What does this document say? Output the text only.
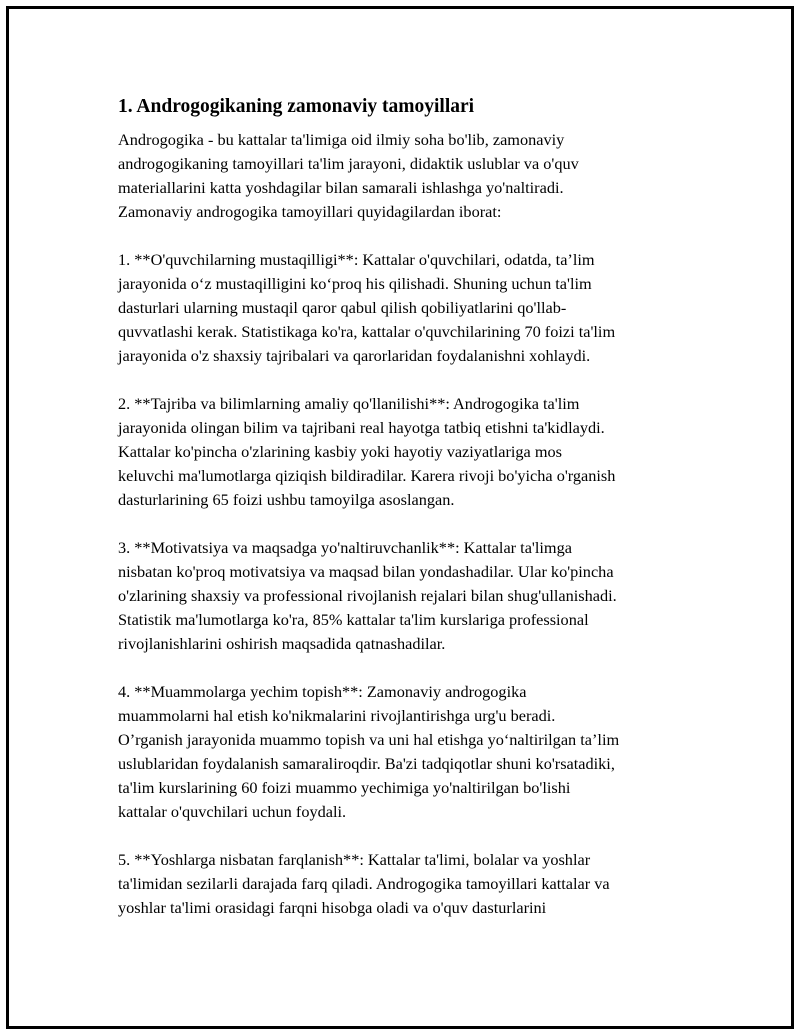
1. Androgogikaning zamonaviy tamoyillari

Androgogika - bu kattalar ta'limiga oid ilmiy soha bo'lib, zamonaviy
androgogikaning tamoyillari ta'lim jarayoni, didaktik uslublar va o'quv
materiallarini katta yoshdagilar bilan samarali ishlashga yo'naltiradi.
Zamonaviy androgogika tamoyillari quyidagilardan iborat:

1. **O'quvchilarning mustaqilligi**: Kattalar o'quvchilari, odatda, ta’lim
jarayonida o‘z mustaqilligini ko‘proq his qilishadi. Shuning uchun ta'lim
dasturlari ularning mustaqil qaror qabul qilish qobiliyatlarini qo'llab-
quvvatlashi kerak. Statistikaga ko'ra, kattalar o'quvchilarining 70 foizi ta'lim
jarayonida o'z shaxsiy tajribalari va qarorlaridan foydalanishni xohlaydi.

2. **Tajriba va bilimlarning amaliy qo'llanilishi**: Androgogika ta'lim
jarayonida olingan bilim va tajribani real hayotga tatbiq etishni ta'kidlaydi.
Kattalar ko'pincha o'zlarining kasbiy yoki hayotiy vaziyatlariga mos
keluvchi ma'lumotlarga qiziqish bildiradilar. Karera rivoji bo'yicha o'rganish
dasturlarining 65 foizi ushbu tamoyilga asoslangan.

3. **Motivatsiya va maqsadga yo'naltiruvchanlik**: Kattalar ta'limga
nisbatan ko'proq motivatsiya va maqsad bilan yondashadilar. Ular ko'pincha
o'zlarining shaxsiy va professional rivojlanish rejalari bilan shug'ullanishadi.
Statistik ma'lumotlarga ko'ra, 85% kattalar ta'lim kurslariga professional
rivojlanishlarini oshirish maqsadida qatnashadilar.

4. **Muammolarga yechim topish**: Zamonaviy androgogika
muammolarni hal etish ko'nikmalarini rivojlantirishga urg'u beradi.
O’rganish jarayonida muammo topish va uni hal etishga yo‘naltirilgan ta’lim
uslublaridan foydalanish samaraliroqdir. Ba'zi tadqiqotlar shuni ko'rsatadiki,
ta'lim kurslarining 60 foizi muammo yechimiga yo'naltirilgan bo'lishi
kattalar o'quvchilari uchun foydali.

5. **Yoshlarga nisbatan farqlanish**: Kattalar ta'limi, bolalar va yoshlar
ta'limidan sezilarli darajada farq qiladi. Androgogika tamoyillari kattalar va
yoshlar ta'limi orasidagi farqni hisobga oladi va o'quv dasturlarini
